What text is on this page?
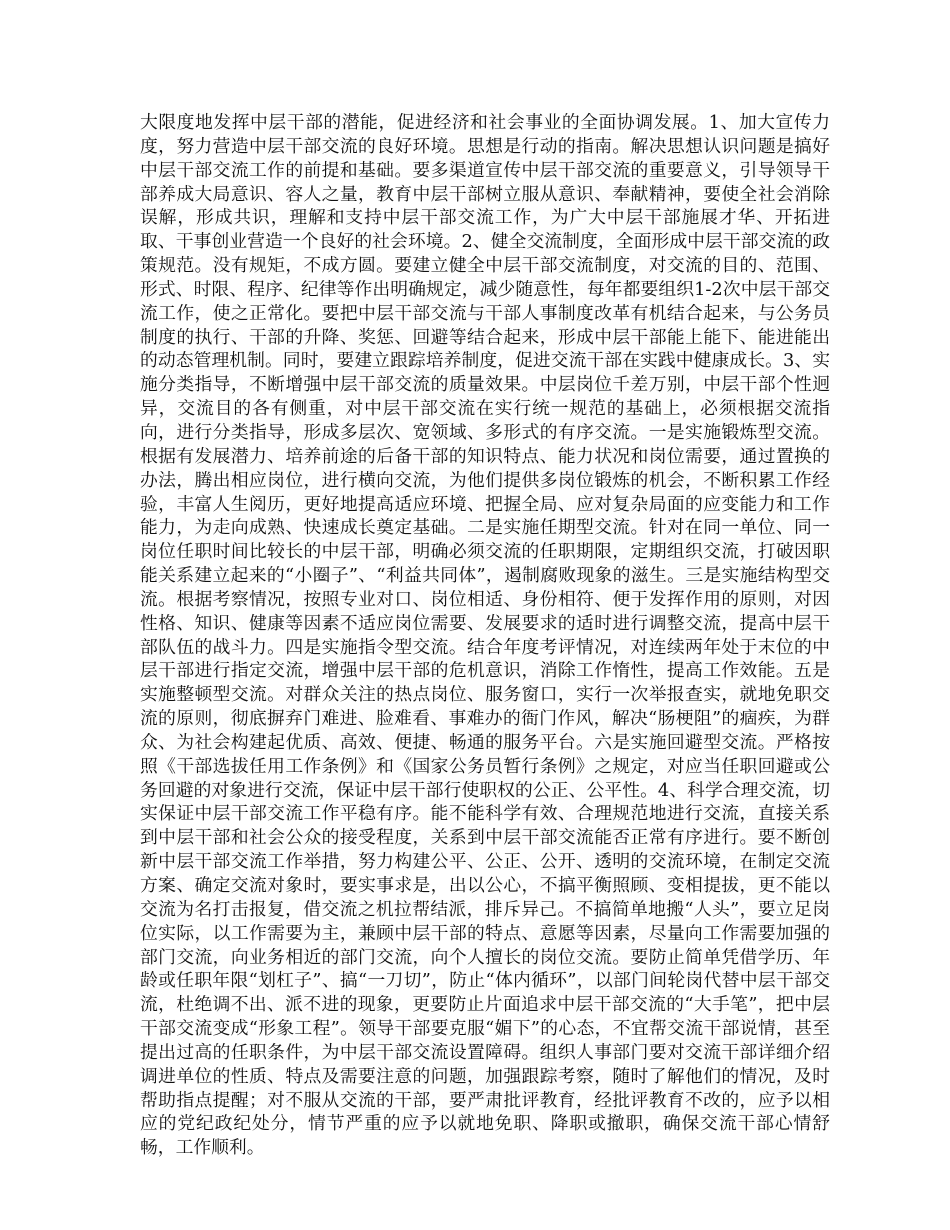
大限度地发挥中层干部的潜能，促进经济和社会事业的全面协调发展。1、加大宣传力度，努力营造中层干部交流的良好环境。思想是行动的指南。解决思想认识问题是搞好中层干部交流工作的前提和基础。要多渠道宣传中层干部交流的重要意义，引导领导干部养成大局意识、容人之量，教育中层干部树立服从意识、奉献精神，要使全社会消除误解，形成共识，理解和支持中层干部交流工作，为广大中层干部施展才华、开拓进取、干事创业营造一个良好的社会环境。2、健全交流制度，全面形成中层干部交流的政策规范。没有规矩，不成方圆。要建立健全中层干部交流制度，对交流的目的、范围、形式、时限、程序、纪律等作出明确规定，减少随意性，每年都要组织1-2次中层干部交流工作，使之正常化。要把中层干部交流与干部人事制度改革有机结合起来，与公务员制度的执行、干部的升降、奖惩、回避等结合起来，形成中层干部能上能下、能进能出的动态管理机制。同时，要建立跟踪培养制度，促进交流干部在实践中健康成长。3、实施分类指导，不断增强中层干部交流的质量效果。中层岗位千差万别，中层干部个性迥异，交流目的各有侧重，对中层干部交流在实行统一规范的基础上，必须根据交流指向，进行分类指导，形成多层次、宽领域、多形式的有序交流。一是实施锻炼型交流。根据有发展潜力、培养前途的后备干部的知识特点、能力状况和岗位需要，通过置换的办法，腾出相应岗位，进行横向交流，为他们提供多岗位锻炼的机会，不断积累工作经验，丰富人生阅历，更好地提高适应环境、把握全局、应对复杂局面的应变能力和工作能力，为走向成熟、快速成长奠定基础。二是实施任期型交流。针对在同一单位、同一岗位任职时间比较长的中层干部，明确必须交流的任职期限，定期组织交流，打破因职能关系建立起来的“小圈子”、“利益共同体”，遏制腐败现象的滋生。三是实施结构型交流。根据考察情况，按照专业对口、岗位相适、身份相符、便于发挥作用的原则，对因性格、知识、健康等因素不适应岗位需要、发展要求的适时进行调整交流，提高中层干部队伍的战斗力。四是实施指令型交流。结合年度考评情况，对连续两年处于末位的中层干部进行指定交流，增强中层干部的危机意识，消除工作惰性，提高工作效能。五是实施整顿型交流。对群众关注的热点岗位、服务窗口，实行一次举报查实，就地免职交流的原则，彻底摒弃门难进、脸难看、事难办的衙门作风，解决“肠梗阻”的痼疾，为群众、为社会构建起优质、高效、便捷、畅通的服务平台。六是实施回避型交流。严格按照《干部选拔任用工作条例》和《国家公务员暂行条例》之规定，对应当任职回避或公务回避的对象进行交流，保证中层干部行使职权的公正、公平性。4、科学合理交流，切实保证中层干部交流工作平稳有序。能不能科学有效、合理规范地进行交流，直接关系到中层干部和社会公众的接受程度，关系到中层干部交流能否正常有序进行。要不断创新中层干部交流工作举措，努力构建公平、公正、公开、透明的交流环境，在制定交流方案、确定交流对象时，要实事求是，出以公心，不搞平衡照顾、变相提拔，更不能以交流为名打击报复，借交流之机拉帮结派，排斥异己。不搞简单地搬“人头”，要立足岗位实际，以工作需要为主，兼顾中层干部的特点、意愿等因素，尽量向工作需要加强的部门交流，向业务相近的部门交流，向个人擅长的岗位交流。要防止简单凭借学历、年龄或任职年限“划杠子”、搞“一刀切”，防止“体内循环”，以部门间轮岗代替中层干部交流，杜绝调不出、派不进的现象，更要防止片面追求中层干部交流的“大手笔”，把中层干部交流变成“形象工程”。领导干部要克服“媚下”的心态，不宜帮交流干部说情，甚至提出过高的任职条件，为中层干部交流设置障碍。组织人事部门要对交流干部详细介绍调进单位的性质、特点及需要注意的问题，加强跟踪考察，随时了解他们的情况，及时帮助指点提醒；对不服从交流的干部，要严肃批评教育，经批评教育不改的，应予以相应的党纪政纪处分，情节严重的应予以就地免职、降职或撤职，确保交流干部心情舒畅，工作顺利。
